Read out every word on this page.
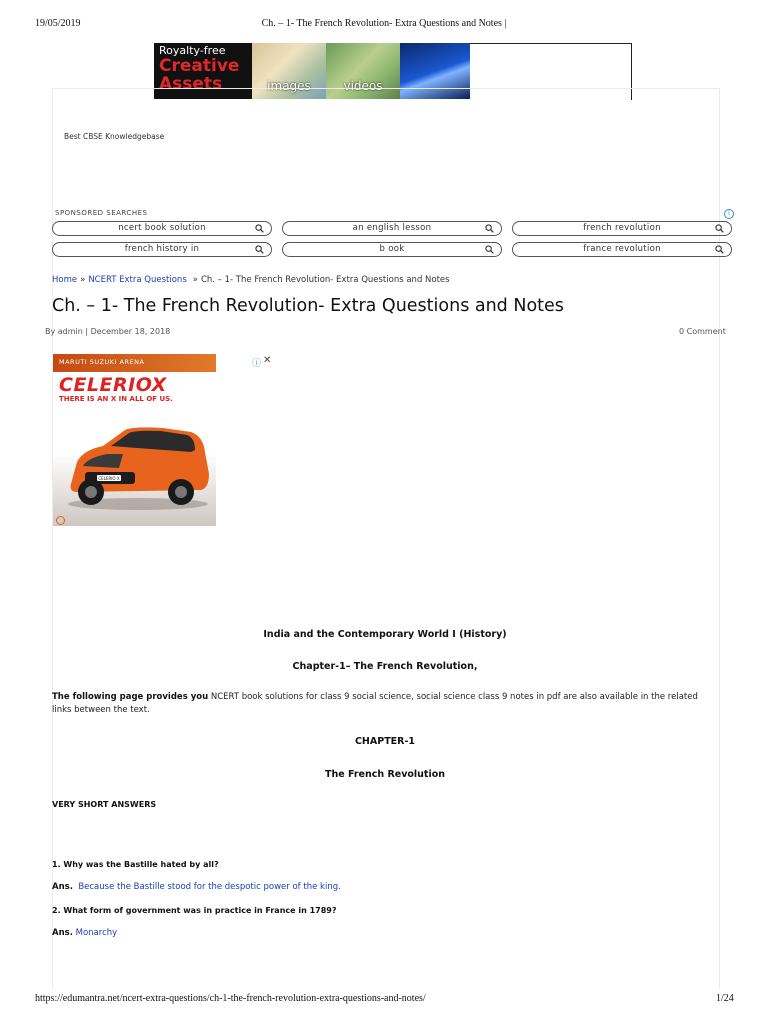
19/05/2019	Ch. – 1- The French Revolution- Extra Questions and Notes |
Royalty-free
Creative
Assets	images	videos
Best CBSE Knowledgebase
SPONSORED SEARCHES	i
ncert book solution	an english lesson	french revolution
french history in	b ook	france revolution
Home » NCERT Extra Questions » Ch. – 1- The French Revolution- Extra Questions and Notes
Ch. – 1- The French Revolution- Extra Questions and Notes
By admin | December 18, 2018	0 Comment
MARUTI SUZUKI ARENA
CELERIOX
THERE IS AN X IN ALL OF US.
CELERIO X
ⓘ ✕
India and the Contemporary World I (History)
Chapter-1– The French Revolution,
The following page provides you NCERT book solutions for class 9 social science, social science class 9 notes in pdf are also available in the related links between the text.
CHAPTER-1
The French Revolution
VERY SHORT ANSWERS
1. Why was the Bastille hated by all?
Ans. Because the Bastille stood for the despotic power of the king.
2. What form of government was in practice in France in 1789?
Ans. Monarchy
https://edumantra.net/ncert-extra-questions/ch-1-the-french-revolution-extra-questions-and-notes/	1/24
